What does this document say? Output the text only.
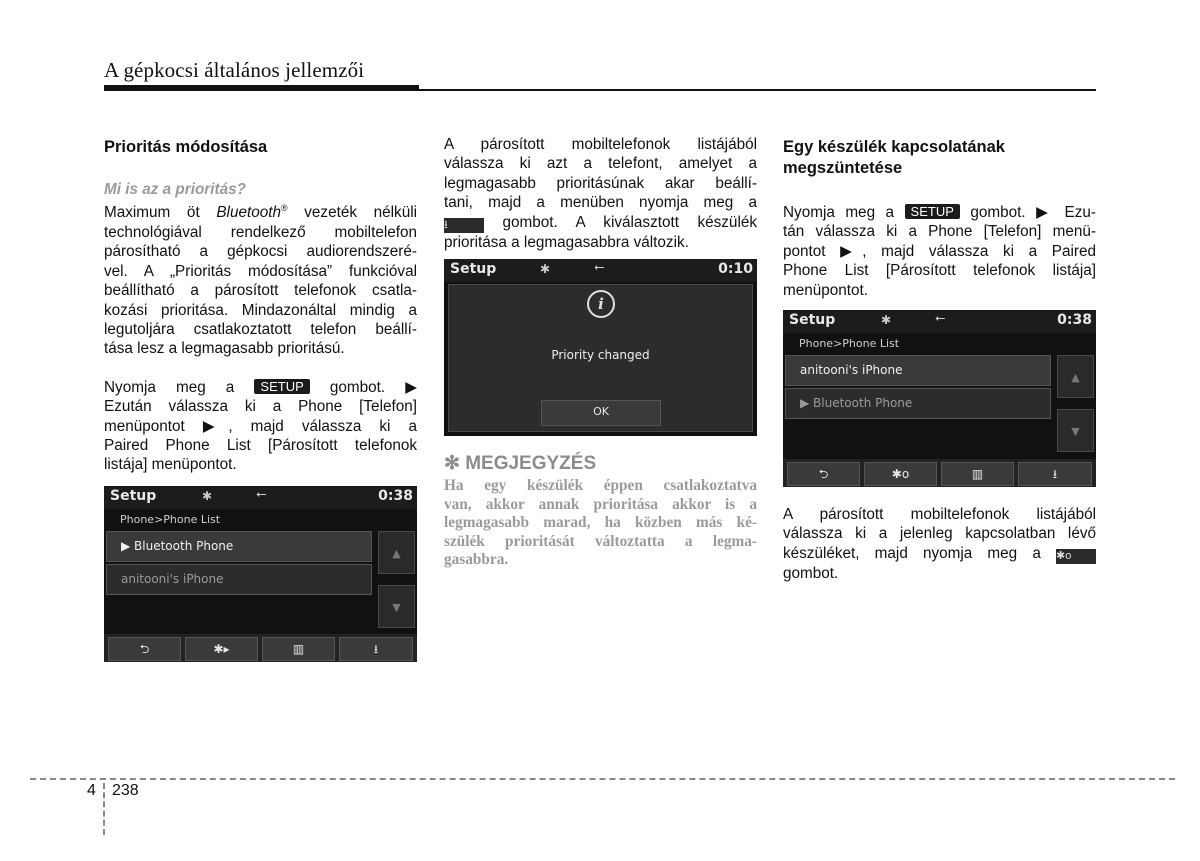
A gépkocsi általános jellemzői

Prioritás módosítása

Mi is az a prioritás?

Maximum öt Bluetooth® vezeték nélküli
technológiával rendelkező mobiltelefon
párosítható a gépkocsi audiorendszeré-
vel. A „Prioritás módosítása” funkcióval
beállítható a párosított telefonok csatla-
kozási prioritása. Mindazonáltal mindig a
legutoljára csatlakoztatott telefon beállí-
tása lesz a legmagasabb prioritású.

Nyomja meg a SETUP gombot. ▶
Ezután válassza ki a Phone [Telefon]
menüpontot ▶, majd válassza ki a
Paired Phone List [Párosított telefonok
listája] menüpontot.

Setup	✱	⭠	0:38
Phone>Phone List
▶ Bluetooth Phone
anitooni's iPhone
▲
▼
⮌	✱▸	▥	⭳

A párosított mobiltelefonok listájából
válassza ki azt a telefont, amelyet a
legmagasabb prioritásúnak akar beállí-
tani, majd a menüben nyomja meg a
⭳ gombot. A kiválasztott készülék
prioritása a legmagasabbra változik.

Setup	✱	⭠	0:10
i
Priority changed
OK

✻ MEGJEGYZÉS

Ha egy készülék éppen csatlakoztatva
van, akkor annak prioritása akkor is a
legmagasabb marad, ha közben más ké-
szülék prioritását változtatta a legma-
gasabbra.

Egy készülék kapcsolatának
megszüntetése

Nyomja meg a SETUP gombot. ▶ Ezu-
tán válassza ki a Phone [Telefon] menü-
pontot ▶, majd válassza ki a Paired
Phone List [Párosított telefonok listája]
menüpontot.

Setup	✱	⭠	0:38
Phone>Phone List
anitooni's iPhone
▶ Bluetooth Phone
▲
▼
⮌	✱o	▥	⭳

A párosított mobiltelefonok listájából
válassza ki a jelenleg kapcsolatban lévő
készüléket, majd nyomja meg a ✱o
gombot.

4 238
